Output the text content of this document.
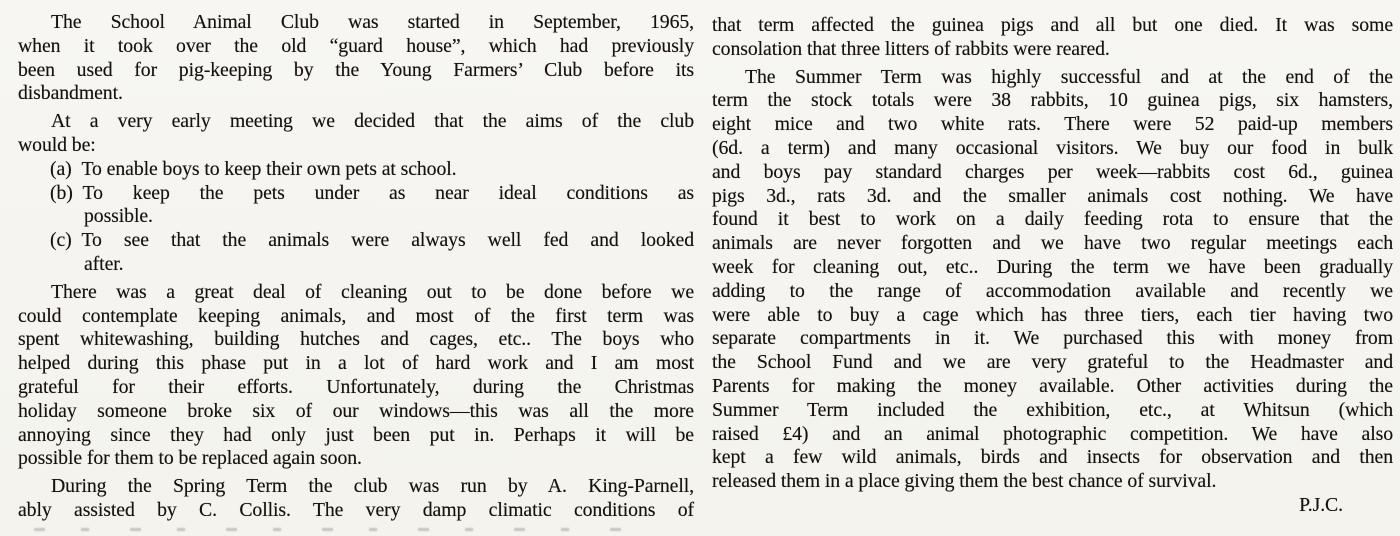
The School Animal Club was started in September, 1965,
when it took over the old “guard house”, which had previously
been used for pig-keeping by the Young Farmers’ Club before its
disbandment.
At a very early meeting we decided that the aims of the club
would be:
(a) To enable boys to keep their own pets at school.
(b) To keep the pets under as near ideal conditions as
possible.
(c) To see that the animals were always well fed and looked
after.
There was a great deal of cleaning out to be done before we
could contemplate keeping animals, and most of the first term was
spent whitewashing, building hutches and cages, etc.. The boys who
helped during this phase put in a lot of hard work and I am most
grateful for their efforts. Unfortunately, during the Christmas
holiday someone broke six of our windows—this was all the more
annoying since they had only just been put in. Perhaps it will be
possible for them to be replaced again soon.
During the Spring Term the club was run by A. King-Parnell,
ably assisted by C. Collis. The very damp climatic conditions of
that term affected the guinea pigs and all but one died. It was some
consolation that three litters of rabbits were reared.
The Summer Term was highly successful and at the end of the
term the stock totals were 38 rabbits, 10 guinea pigs, six hamsters,
eight mice and two white rats. There were 52 paid-up members
(6d. a term) and many occasional visitors. We buy our food in bulk
and boys pay standard charges per week—rabbits cost 6d., guinea
pigs 3d., rats 3d. and the smaller animals cost nothing. We have
found it best to work on a daily feeding rota to ensure that the
animals are never forgotten and we have two regular meetings each
week for cleaning out, etc.. During the term we have been gradually
adding to the range of accommodation available and recently we
were able to buy a cage which has three tiers, each tier having two
separate compartments in it. We purchased this with money from
the School Fund and we are very grateful to the Headmaster and
Parents for making the money available. Other activities during the
Summer Term included the exhibition, etc., at Whitsun (which
raised £4) and an animal photographic competition. We have also
kept a few wild animals, birds and insects for observation and then
released them in a place giving them the best chance of survival.
P.J.C.
